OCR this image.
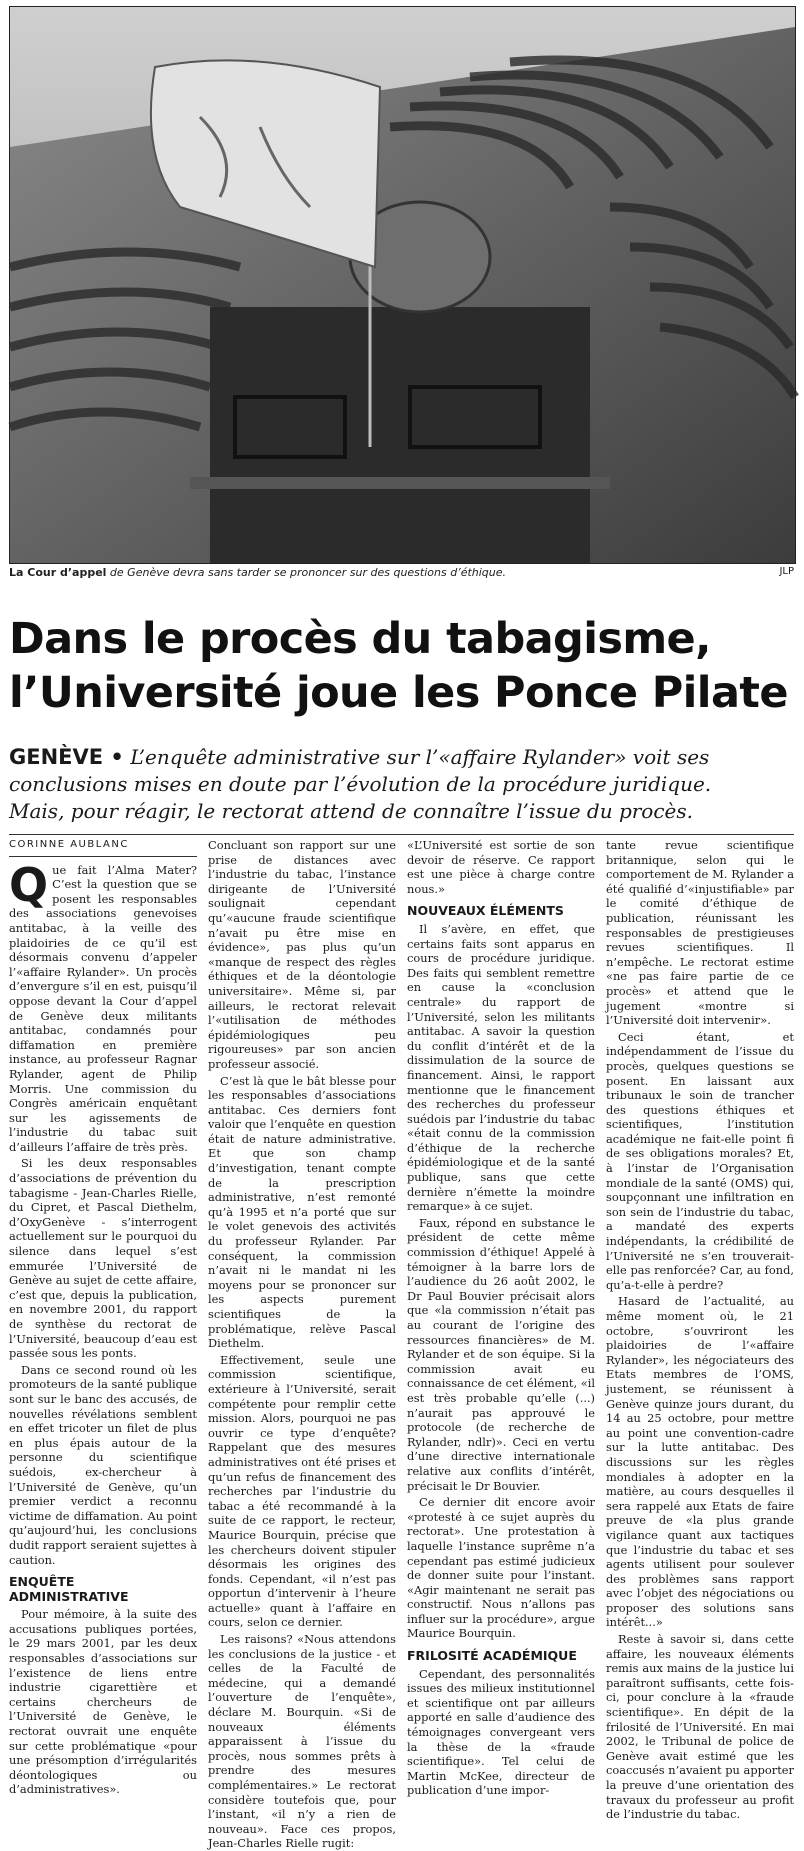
La Cour d’appel de Genève devra sans tarder se prononcer sur des questions d’éthique.	JLP
Dans le procès du tabagisme,
l’Université joue les Ponce Pilate
GENÈVE • L’enquête administrative sur l’«affaire Rylander» voit ses
conclusions mises en doute par l’évolution de la procédure juridique.
Mais, pour réagir, le rectorat attend de connaître l’issue du procès.
CORINNE AUBLANC

Que fait l’Alma Mater? C’est la question que se posent les responsables des associations genevoises antitabac, à la veille des plaidoiries de ce qu’il est désormais convenu d’appeler l’«affaire Rylander». Un procès d’envergure s’il en est, puisqu’il oppose devant la Cour d’appel de Genève deux militants antitabac, condamnés pour diffamation en première instance, au professeur Ragnar Rylander, agent de Philip Morris. Une commission du Congrès américain enquêtant sur les agissements de l’industrie du tabac suit d’ailleurs l’affaire de très près.

Si les deux responsables d’associations de prévention du tabagisme - Jean-Charles Rielle, du Cipret, et Pascal Diethelm, d’OxyGenève - s’interrogent actuellement sur le pourquoi du silence dans lequel s’est emmurée l’Université de Genève au sujet de cette affaire, c’est que, depuis la publication, en novembre 2001, du rapport de synthèse du rectorat de l’Université, beaucoup d’eau est passée sous les ponts.

Dans ce second round où les promoteurs de la santé publique sont sur le banc des accusés, de nouvelles révélations semblent en effet tricoter un filet de plus en plus épais autour de la personne du scientifique suédois, ex-chercheur à l’Université de Genève, qu’un premier verdict a reconnu victime de diffamation. Au point qu’aujourd’hui, les conclusions dudit rapport seraient sujettes à caution.

ENQUÊTE ADMINISTRATIVE

Pour mémoire, à la suite des accusations publiques portées, le 29 mars 2001, par les deux responsables d’associations sur l’existence de liens entre industrie cigarettière et certains chercheurs de l’Université de Genève, le rectorat ouvrait une enquête sur cette problématique «pour une présomption d’irrégularités déontologiques ou d’administratives».

Concluant son rapport sur une prise de distances avec l’industrie du tabac, l’instance dirigeante de l’Université soulignait cependant qu’«aucune fraude scientifique n’avait pu être mise en évidence», pas plus qu’un «manque de respect des règles éthiques et de la déontologie universitaire». Même si, par ailleurs, le rectorat relevait l’«utilisation de méthodes épidémiologiques peu rigoureuses» par son ancien professeur associé.

C’est là que le bât blesse pour les responsables d’associations antitabac. Ces derniers font valoir que l’enquête en question était de nature administrative. Et que son champ d’investigation, tenant compte de la prescription administrative, n’est remonté qu’à 1995 et n’a porté que sur le volet genevois des activités du professeur Rylander. Par conséquent, la commission n’avait ni le mandat ni les moyens pour se prononcer sur les aspects purement scientifiques de la problématique, relève Pascal Diethelm.

Effectivement, seule une commission scientifique, extérieure à l’Université, serait compétente pour remplir cette mission. Alors, pourquoi ne pas ouvrir ce type d’enquête? Rappelant que des mesures administratives ont été prises et qu’un refus de financement des recherches par l’industrie du tabac a été recommandé à la suite de ce rapport, le recteur, Maurice Bourquin, précise que les chercheurs doivent stipuler désormais les origines des fonds. Cependant, «il n’est pas opportun d’intervenir à l’heure actuelle» quant à l’affaire en cours, selon ce dernier.

Les raisons? «Nous attendons les conclusions de la justice - et celles de la Faculté de médecine, qui a demandé l’ouverture de l’enquête», déclare M. Bourquin. «Si de nouveaux éléments apparaissent à l’issue du procès, nous sommes prêts à prendre des mesures complémentaires.» Le rectorat considère toutefois que, pour l’instant, «il n’y a rien de nouveau». Face ces propos, Jean-Charles Rielle rugit:

«L’Université est sortie de son devoir de réserve. Ce rapport est une pièce à charge contre nous.»

NOUVEAUX ÉLÉMENTS

Il s’avère, en effet, que certains faits sont apparus en cours de procédure juridique. Des faits qui semblent remettre en cause la «conclusion centrale» du rapport de l’Université, selon les militants antitabac. A savoir la question du conflit d’intérêt et de la dissimulation de la source de financement. Ainsi, le rapport mentionne que le financement des recherches du professeur suédois par l’industrie du tabac «était connu de la commission d’éthique de la recherche épidémiologique et de la santé publique, sans que cette dernière n’émette la moindre remarque» à ce sujet.

Faux, répond en substance le président de cette même commission d’éthique! Appelé à témoigner à la barre lors de l’audience du 26 août 2002, le Dr Paul Bouvier précisait alors que «la commission n’était pas au courant de l’origine des ressources financières» de M. Rylander et de son équipe. Si la commission avait eu connaissance de cet élément, «il est très probable qu’elle (...) n’aurait pas approuvé le protocole (de recherche de Rylander, ndlr)». Ceci en vertu d’une directive internationale relative aux conflits d’intérêt, précisait le Dr Bouvier.

Ce dernier dit encore avoir «protesté à ce sujet auprès du rectorat». Une protestation à laquelle l’instance suprême n’a cependant pas estimé judicieux de donner suite pour l’instant. «Agir maintenant ne serait pas constructif. Nous n’allons pas influer sur la procédure», argue Maurice Bourquin.

FRILOSITÉ ACADÉMIQUE

Cependant, des personnalités issues des milieux institutionnel et scientifique ont par ailleurs apporté en salle d’audience des témoignages convergeant vers la thèse de la «fraude scientifique». Tel celui de Martin McKee, directeur de publication d’une impor-

tante revue scientifique britannique, selon qui le comportement de M. Rylander a été qualifié d’«injustifiable» par le comité d’éthique de publication, réunissant les responsables de prestigieuses revues scientifiques. Il n’empêche. Le rectorat estime «ne pas faire partie de ce procès» et attend que le jugement «montre si l’Université doit intervenir».

Ceci étant, et indépendamment de l’issue du procès, quelques questions se posent. En laissant aux tribunaux le soin de trancher des questions éthiques et scientifiques, l’institution académique ne fait-elle point fi de ses obligations morales? Et, à l’instar de l’Organisation mondiale de la santé (OMS) qui, soupçonnant une infiltration en son sein de l’industrie du tabac, a mandaté des experts indépendants, la crédibilité de l’Université ne s’en trouverait-elle pas renforcée? Car, au fond, qu’a-t-elle à perdre?

Hasard de l’actualité, au même moment où, le 21 octobre, s’ouvriront les plaidoiries de l’«affaire Rylander», les négociateurs des Etats membres de l’OMS, justement, se réunissent à Genève quinze jours durant, du 14 au 25 octobre, pour mettre au point une convention-cadre sur la lutte antitabac. Des discussions sur les règles mondiales à adopter en la matière, au cours desquelles il sera rappelé aux Etats de faire preuve de «la plus grande vigilance quant aux tactiques que l’industrie du tabac et ses agents utilisent pour soulever des problèmes sans rapport avec l’objet des négociations ou proposer des solutions sans intérêt...»

Reste à savoir si, dans cette affaire, les nouveaux éléments remis aux mains de la justice lui paraîtront suffisants, cette fois-ci, pour conclure à la «fraude scientifique». En dépit de la frilosité de l’Université. En mai 2002, le Tribunal de police de Genève avait estimé que les coaccusés n’avaient pu apporter la preuve d’une orientation des travaux du professeur au profit de l’industrie du tabac.
